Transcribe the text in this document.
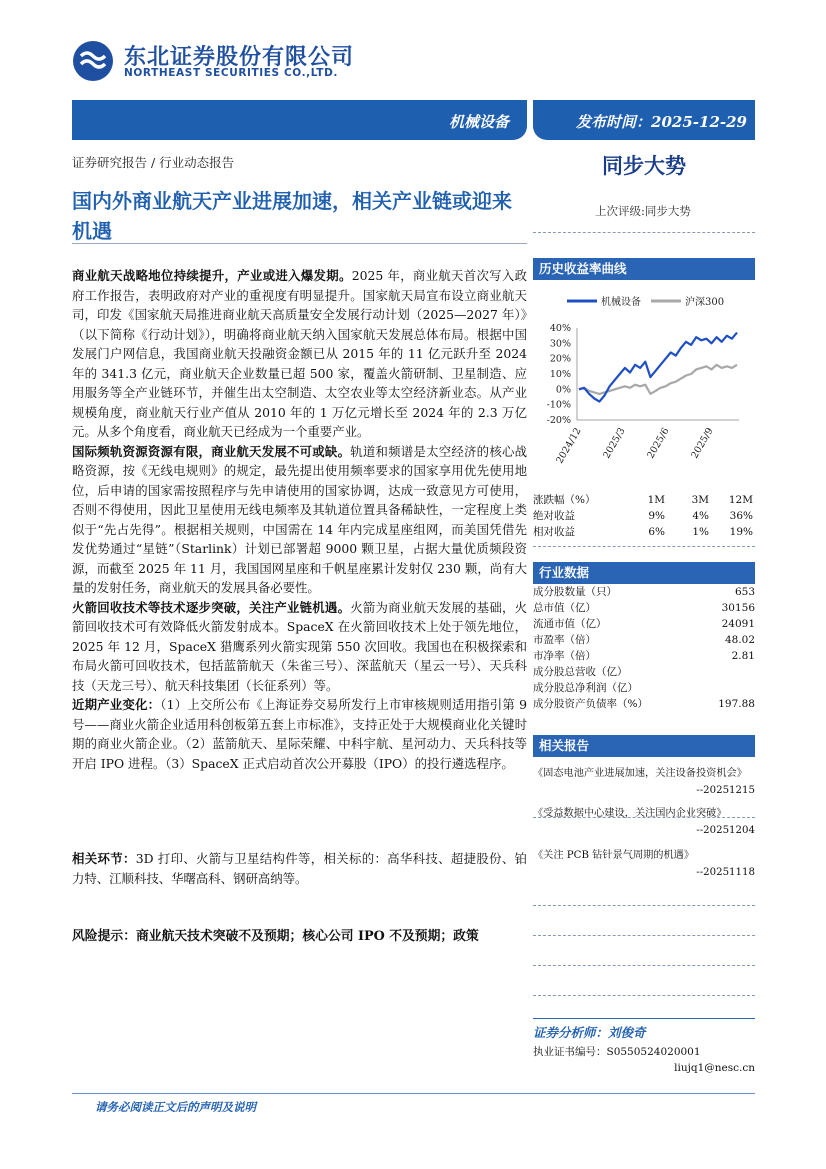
东北证券股份有限公司
NORTHEAST SECURITIES CO.,LTD.
机械设备	发布时间：2025-12-29
证券研究报告 / 行业动态报告	同步大势
国内外商业航天产业进展加速，相关产业链或迎来机遇
上次评级:同步大势

商业航天战略地位持续提升，产业或进入爆发期。2025 年，商业航天首次写入政府工作报告，表明政府对产业的重视度有明显提升。国家航天局宣布设立商业航天司，印发《国家航天局推进商业航天高质量安全发展行动计划（2025—2027 年）》（以下简称《行动计划》），明确将商业航天纳入国家航天发展总体布局。根据中国发展门户网信息，我国商业航天投融资金额已从 2015 年的 11 亿元跃升至 2024 年的 341.3 亿元，商业航天企业数量已超 500 家，覆盖火箭研制、卫星制造、应用服务等全产业链环节，并催生出太空制造、太空农业等太空经济新业态。从产业规模角度，商业航天行业产值从 2010 年的 1 万亿元增长至 2024 年的 2.3 万亿元。从多个角度看，商业航天已经成为一个重要产业。

国际频轨资源资源有限，商业航天发展不可或缺。轨道和频谱是太空经济的核心战略资源，按《无线电规则》的规定，最先提出使用频率要求的国家享用优先使用地位，后申请的国家需按照程序与先申请使用的国家协调，达成一致意见方可使用，否则不得使用，因此卫星使用无线电频率及其轨道位置具备稀缺性，一定程度上类似于“先占先得”。根据相关规则，中国需在 14 年内完成星座组网，而美国凭借先发优势通过“星链”（Starlink）计划已部署超 9000 颗卫星，占据大量优质频段资源，而截至 2025 年 11 月，我国国网星座和千帆星座累计发射仅 230 颗，尚有大量的发射任务，商业航天的发展具备必要性。

火箭回收技术等技术逐步突破，关注产业链机遇。火箭为商业航天发展的基础，火箭回收技术可有效降低火箭发射成本。SpaceX 在火箭回收技术上处于领先地位，2025 年 12 月，SpaceX 猎鹰系列火箭实现第 550 次回收。我国也在积极探索和布局火箭可回收技术，包括蓝箭航天（朱雀三号）、深蓝航天（星云一号）、天兵科技（天龙三号）、航天科技集团（长征系列）等。

近期产业变化：（1）上交所公布《上海证券交易所发行上市审核规则适用指引第 9 号——商业火箭企业适用科创板第五套上市标准》，支持正处于大规模商业化关键时期的商业火箭企业。（2）蓝箭航天、星际荣耀、中科宇航、星河动力、天兵科技等开启 IPO 进程。（3）SpaceX 正式启动首次公开募股（IPO）的投行遴选程序。

相关环节：3D 打印、火箭与卫星结构件等，相关标的：高华科技、超捷股份、铂力特、江顺科技、华曙高科、钢研高纳等。

风险提示：商业航天技术突破不及预期；核心公司 IPO 不及预期；政策
历史收益率曲线
机械设备	沪深300
40%
30%
20%
10%
0%
-10%
-20%
2024/12 2025/3 2025/6 2025/9
涨跌幅（%）	1M	3M	12M
绝对收益	9%	4%	36%
相对收益	6%	1%	19%
行业数据
成分股数量（只）	653
总市值（亿）	30156
流通市值（亿）	24091
市盈率（倍）	48.02
市净率（倍）	2.81
成分股总营收（亿）
成分股总净利润（亿）
成分股资产负债率（%）	197.88
相关报告
《固态电池产业进展加速，关注设备投资机会》
--20251215
《受益数据中心建设，关注国内企业突破》
--20251204
《关注 PCB 钻针景气周期的机遇》
--20251118
证券分析师：刘俊奇
执业证书编号：S0550524020001
liujq1@nesc.cn
请务必阅读正文后的声明及说明
